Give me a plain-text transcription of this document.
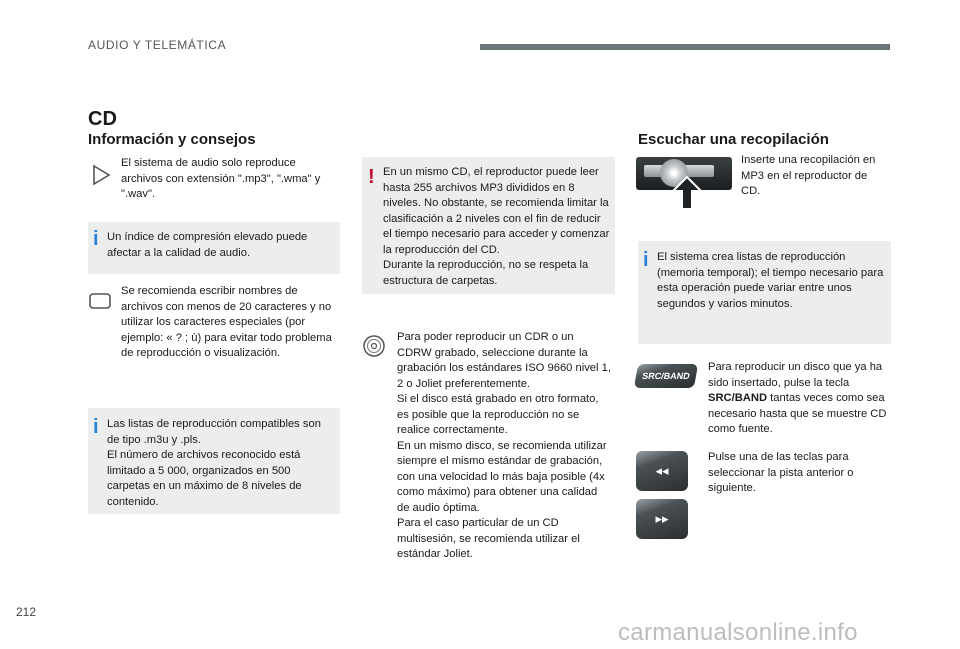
AUDIO Y TELEMÁTICA
CD
Información y consejos
El sistema de audio solo reproduce archivos con extensión ".mp3", ".wma" y ".wav".
i Un índice de compresión elevado puede afectar a la calidad de audio.
Se recomienda escribir nombres de archivos con menos de 20 caracteres y no utilizar los caracteres especiales (por ejemplo: « ? ; ù) para evitar todo problema de reproducción o visualización.
i Las listas de reproducción compatibles son de tipo .m3u y .pls.
El número de archivos reconocido está limitado a 5 000, organizados en 500 carpetas en un máximo de 8 niveles de contenido.
! En un mismo CD, el reproductor puede leer hasta 255 archivos MP3 divididos en 8 niveles. No obstante, se recomienda limitar la clasificación a 2 niveles con el fin de reducir el tiempo necesario para acceder y comenzar la reproducción del CD.
Durante la reproducción, no se respeta la estructura de carpetas.
Para poder reproducir un CDR o un CDRW grabado, seleccione durante la grabación los estándares ISO 9660 nivel 1, 2 o Joliet preferentemente.
Si el disco está grabado en otro formato, es posible que la reproducción no se realice correctamente.
En un mismo disco, se recomienda utilizar siempre el mismo estándar de grabación, con una velocidad lo más baja posible (4x como máximo) para obtener una calidad de audio óptima.
Para el caso particular de un CD multisesión, se recomienda utilizar el estándar Joliet.
Escuchar una recopilación
Inserte una recopilación en MP3 en el reproductor de CD.
i El sistema crea listas de reproducción (memoria temporal); el tiempo necesario para esta operación puede variar entre unos segundos y varios minutos.
SRC/BAND
Para reproducir un disco que ya ha sido insertado, pulse la tecla SRC/BAND tantas veces como sea necesario hasta que se muestre CD como fuente.
◂◂
▸▸
Pulse una de las teclas para seleccionar la pista anterior o siguiente.
212
carmanualsonline.info
